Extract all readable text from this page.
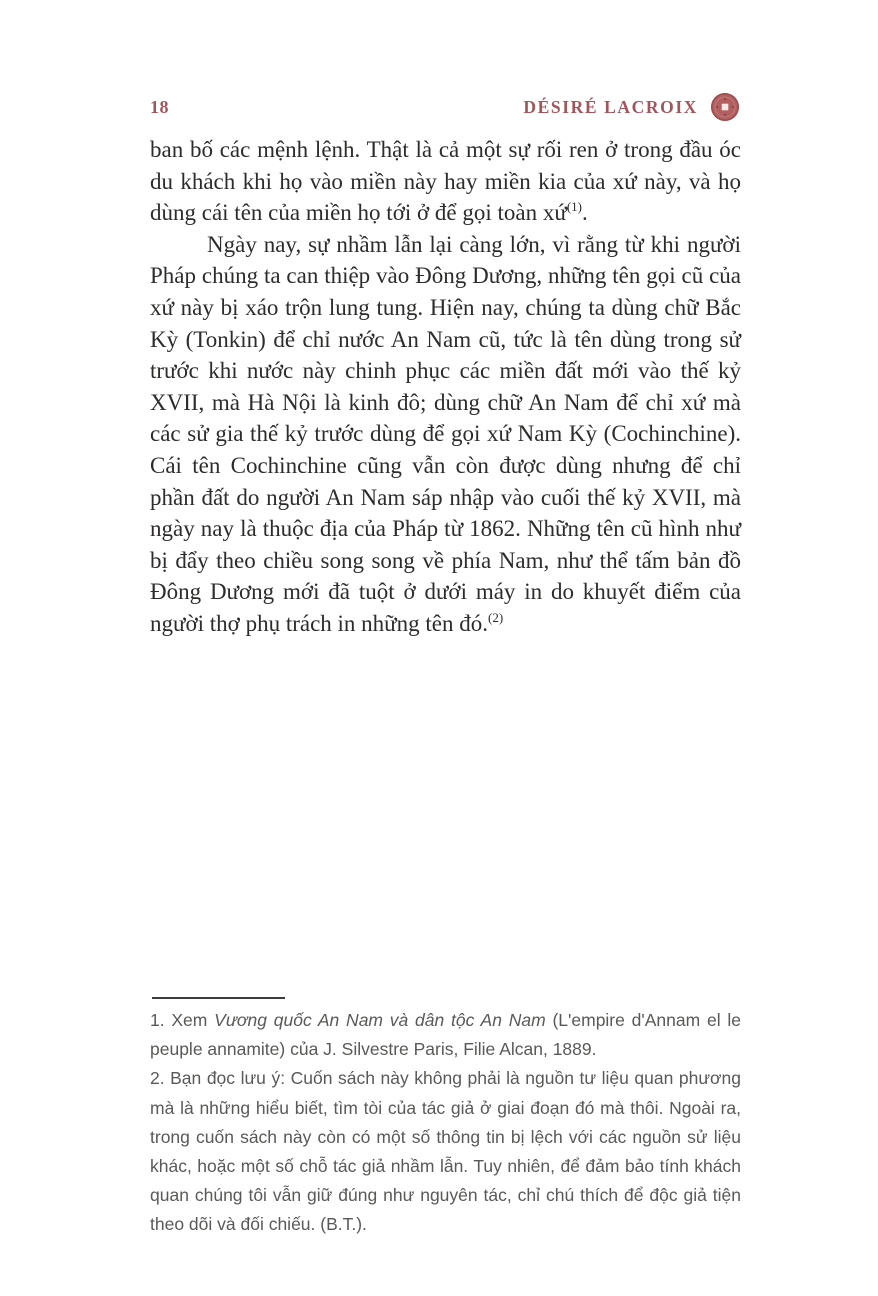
18	DÉSIRÉ LACROIX

ban bố các mệnh lệnh. Thật là cả một sự rối ren ở trong đầu óc du khách khi họ vào miền này hay miền kia của xứ này, và họ dùng cái tên của miền họ tới ở để gọi toàn xứ$^{(1)}$.

Ngày nay, sự nhầm lẫn lại càng lớn, vì rằng từ khi người Pháp chúng ta can thiệp vào Đông Dương, những tên gọi cũ của xứ này bị xáo trộn lung tung. Hiện nay, chúng ta dùng chữ Bắc Kỳ (Tonkin) để chỉ nước An Nam cũ, tức là tên dùng trong sử trước khi nước này chinh phục các miền đất mới vào thế kỷ XVII, mà Hà Nội là kinh đô; dùng chữ An Nam để chỉ xứ mà các sử gia thế kỷ trước dùng để gọi xứ Nam Kỳ (Cochinchine). Cái tên Cochinchine cũng vẫn còn được dùng nhưng để chỉ phần đất do người An Nam sáp nhập vào cuối thế kỷ XVII, mà ngày nay là thuộc địa của Pháp từ 1862. Những tên cũ hình như bị đẩy theo chiều song song về phía Nam, như thể tấm bản đồ Đông Dương mới đã tuột ở dưới máy in do khuyết điểm của người thợ phụ trách in những tên đó.$^{(2)}$

1. Xem Vương quốc An Nam và dân tộc An Nam (L'empire d'Annam el le peuple annamite) của J. Silvestre Paris, Filie Alcan, 1889.

2. Bạn đọc lưu ý: Cuốn sách này không phải là nguồn tư liệu quan phương mà là những hiểu biết, tìm tòi của tác giả ở giai đoạn đó mà thôi. Ngoài ra, trong cuốn sách này còn có một số thông tin bị lệch với các nguồn sử liệu khác, hoặc một số chỗ tác giả nhầm lẫn. Tuy nhiên, để đảm bảo tính khách quan chúng tôi vẫn giữ đúng như nguyên tác, chỉ chú thích để độc giả tiện theo dõi và đối chiếu. (B.T.).
